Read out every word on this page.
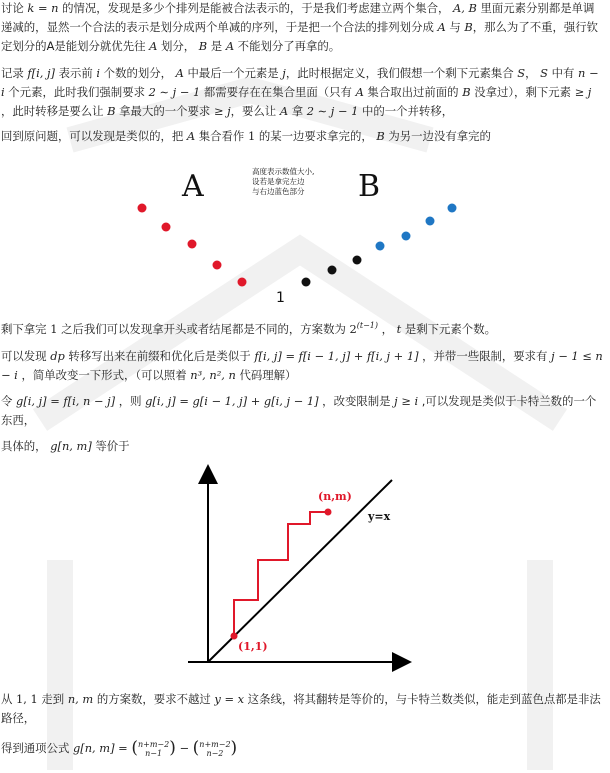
讨论 k = n 的情况，发现是多少个排列是能被合法表示的，于是我们考虑建立两个集合， A, B 里面元素分别都是单调递减的，显然一个合法的表示是划分成两个单减的序列，于是把一个合法的排列划分成 A 与 B，那么为了不重，强行钦定划分的A是能划分就优先往 A 划分， B 是 A 不能划分了再拿的。

记录 f[i, j] 表示前 i 个数的划分， A 中最后一个元素是 j，此时根据定义，我们假想一个剩下元素集合 S， S 中有 n − i 个元素，此时我们强制要求 2 ∼ j − 1 都需要存在在集合里面（只有 A 集合取出过前面的 B 没拿过），剩下元素 ≥ j ，此时转移是要么让 B 拿最大的一个要求 ≥ j，要么让 A 拿 2 ∼ j − 1 中的一个并转移，

回到原问题，可以发现是类似的，把 A 集合看作 1 的某一边要求拿完的， B 为另一边没有拿完的

A	B
高度表示数值大小,
设若是拿完左边
与右边蓝色部分
1

剩下拿完 1 之后我们可以发现拿开头或者结尾都是不同的，方案数为 $2^{(t-1)}$ ， t 是剩下元素个数。

可以发现 dp 转移写出来在前缀和优化后是类似于 f[i, j] = f[i − 1, j] + f[i, j + 1] ，并带一些限制，要求有 j − 1 ≤ n − i ，简单改变一下形式，（可以照着 n³, n², n 代码理解）

令 g[i, j] = f[i, n − j] ，则 g[i, j] = g[i − 1, j] + g[i, j − 1] ，改变限制是 j ≥ i ,可以发现是类似于卡特兰数的一个东西，

具体的， g[n, m] 等价于

(n,m)
(1,1)
y=x

从 1, 1 走到 n, m 的方案数，要求不越过 y = x 这条线，将其翻转是等价的，与卡特兰数类似，能走到蓝色点都是非法路径，

得到通项公式 g[n, m] = (n+m−2
n−1 ) − (n+m−2
n−2 )
